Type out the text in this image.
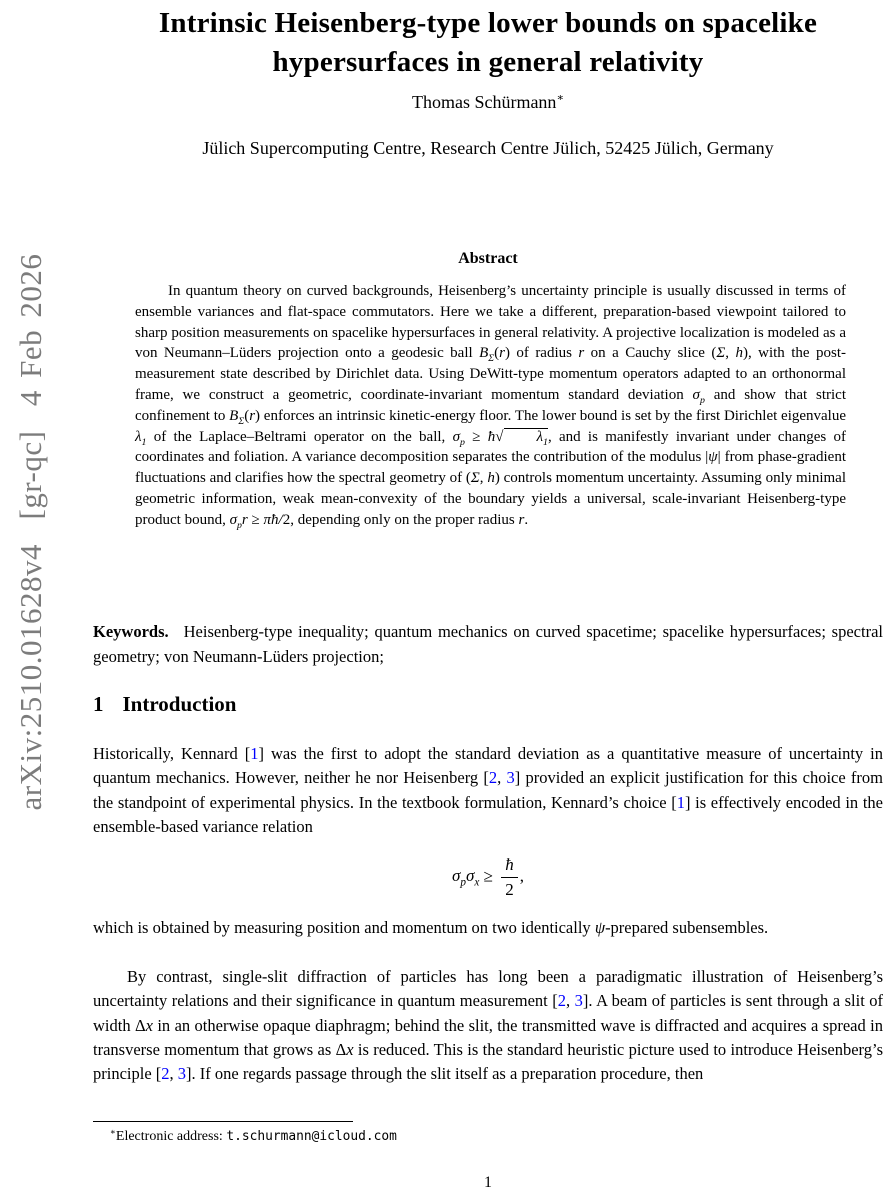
arXiv:2510.01628v4  [gr-qc]  4 Feb 2026
Intrinsic Heisenberg-type lower bounds on spacelike hypersurfaces in general relativity
Thomas Schürmann∗
Jülich Supercomputing Centre, Research Centre Jülich, 52425 Jülich, Germany
Abstract

In quantum theory on curved backgrounds, Heisenberg’s uncertainty principle is usually discussed in terms of ensemble variances and flat-space commutators. Here we take a different, preparation-based viewpoint tailored to sharp position measurements on spacelike hypersurfaces in general relativity. A projective localization is modeled as a von Neumann–Lüders projection onto a geodesic ball $B_\Sigma(r)$ of radius r on a Cauchy slice (Σ, h), with the post-measurement state described by Dirichlet data. Using DeWitt-type momentum operators adapted to an orthonormal frame, we construct a geometric, coordinate-invariant momentum standard deviation $\sigma_p$ and show that strict confinement to $B_\Sigma(r)$ enforces an intrinsic kinetic-energy floor. The lower bound is set by the first Dirichlet eigenvalue $\lambda_1$ of the Laplace–Beltrami operator on the ball, $\sigma_p$ ≥ ħ√ $\lambda_1$, and is manifestly invariant under changes of coordinates and foliation. A variance decomposition separates the contribution of the modulus |ψ| from phase-gradient fluctuations and clarifies how the spectral geometry of (Σ, h) controls momentum uncertainty. Assuming only minimal geometric information, weak mean-convexity of the boundary yields a universal, scale-invariant Heisenberg-type product bound, $\sigma_pr$ ≥ πħ/2, depending only on the proper radius r.

Keywords. Heisenberg-type inequality; quantum mechanics on curved spacetime; spacelike hypersurfaces; spectral geometry; von Neumann-Lüders projection;

1 Introduction

Historically, Kennard [1] was the first to adopt the standard deviation as a quantitative measure of uncertainty in quantum mechanics. However, neither he nor Heisenberg [2, 3] provided an explicit justification for this choice from the standpoint of experimental physics. In the textbook formulation, Kennard’s choice [1] is effectively encoded in the ensemble-based variance relation

$\sigma_p\sigma_x \ge \frac{ħ}{2}$ ,

which is obtained by measuring position and momentum on two identically ψ-prepared subensembles.

By contrast, single-slit diffraction of particles has long been a paradigmatic illustration of Heisenberg’s uncertainty relations and their significance in quantum measurement [2, 3]. A beam of particles is sent through a slit of width Δx in an otherwise opaque diaphragm; behind the slit, the transmitted wave is diffracted and acquires a spread in transverse momentum that grows as Δx is reduced. This is the standard heuristic picture used to introduce Heisenberg’s principle [2, 3]. If one regards passage through the slit itself as a preparation procedure, then

∗Electronic address: t.schurmann@icloud.com
1
